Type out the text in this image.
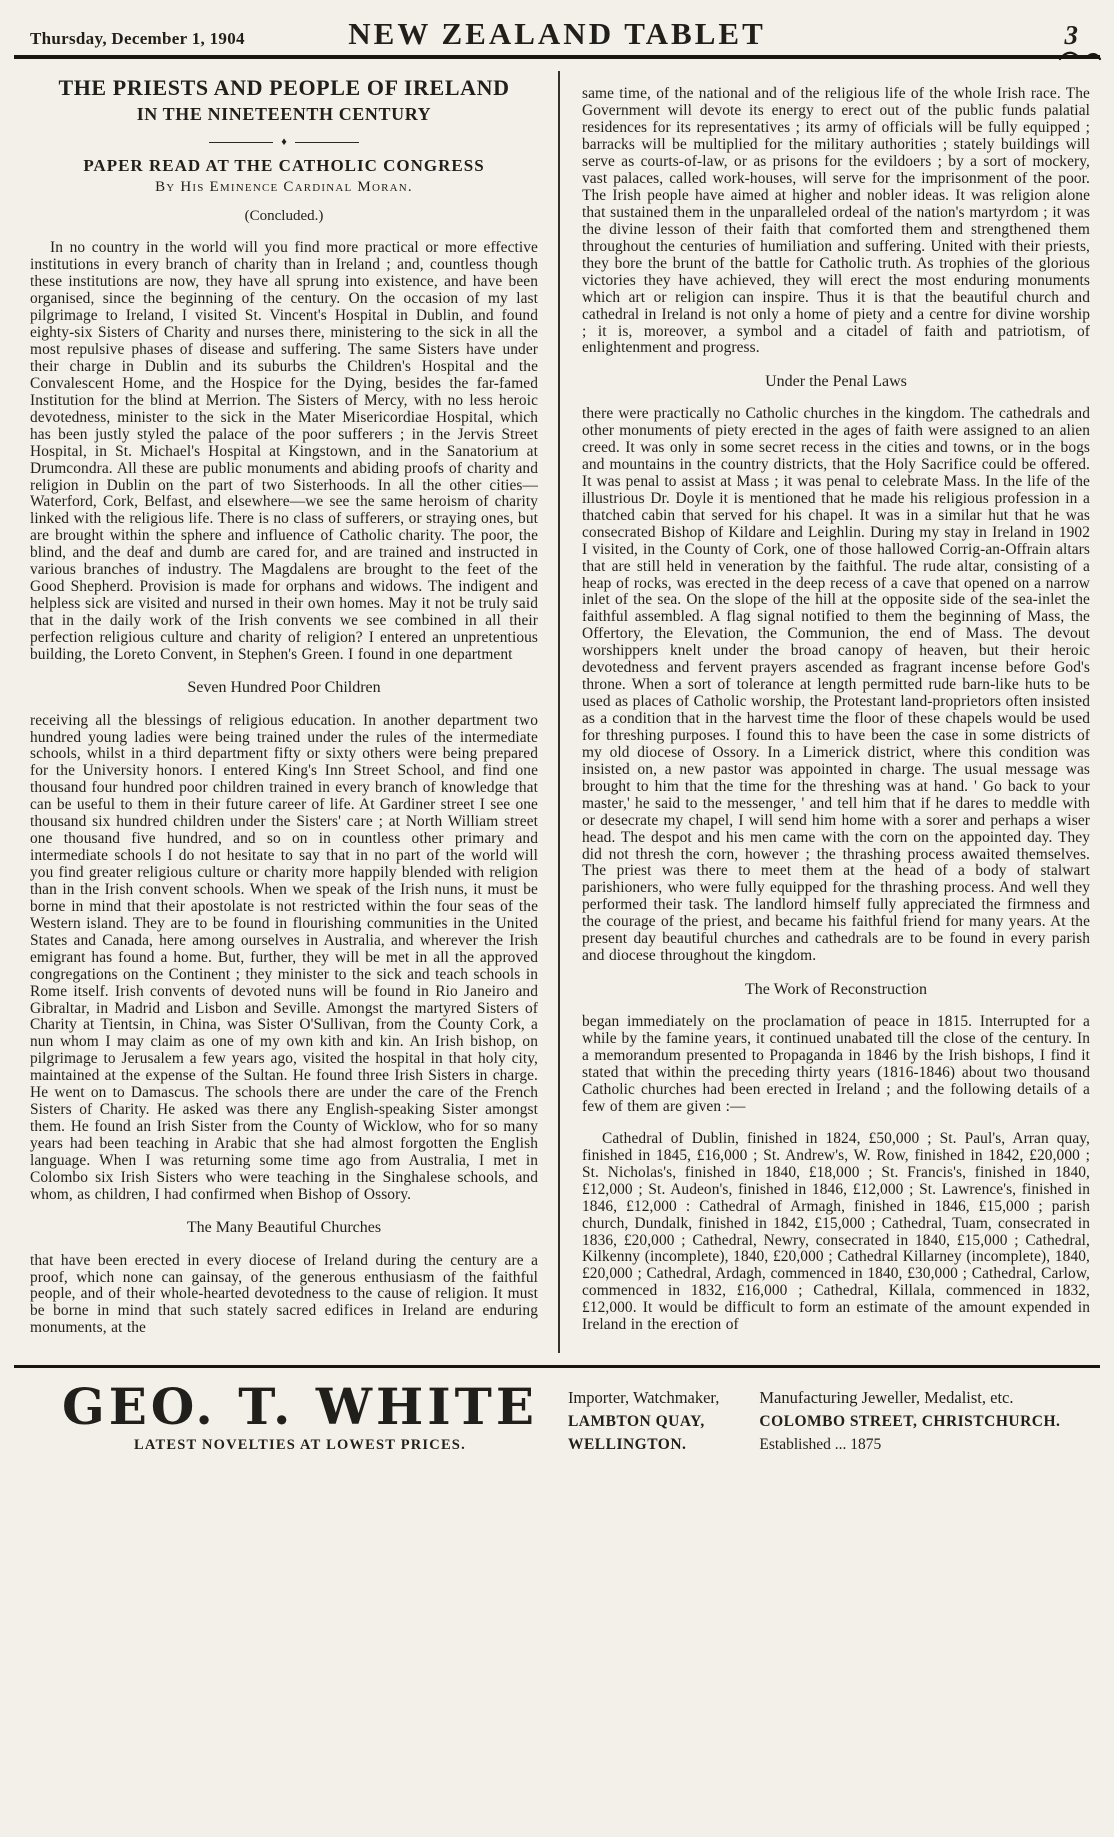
Thursday, December 1, 1904	NEW ZEALAND TABLET	3
THE PRIESTS AND PEOPLE OF IRELAND
IN THE NINETEENTH CENTURY
♦
PAPER READ AT THE CATHOLIC CONGRESS
By His Eminence Cardinal Moran.
(Concluded.)

In no country in the world will you find more practical or more effective institutions in every branch of charity than in Ireland ; and, countless though these institutions are now, they have all sprung into existence, and have been organised, since the beginning of the century. On the occasion of my last pilgrimage to Ireland, I visited St. Vincent's Hospital in Dublin, and found eighty-six Sisters of Charity and nurses there, ministering to the sick in all the most repulsive phases of disease and suffering. The same Sisters have under their charge in Dublin and its suburbs the Children's Hospital and the Convalescent Home, and the Hospice for the Dying, besides the far-famed Institution for the blind at Merrion. The Sisters of Mercy, with no less heroic devotedness, minister to the sick in the Mater Misericordiae Hospital, which has been justly styled the palace of the poor sufferers ; in the Jervis Street Hospital, in St. Michael's Hospital at Kingstown, and in the Sanatorium at Drumcondra. All these are public monuments and abiding proofs of charity and religion in Dublin on the part of two Sisterhoods. In all the other cities—Waterford, Cork, Belfast, and elsewhere—we see the same heroism of charity linked with the religious life. There is no class of sufferers, or straying ones, but are brought within the sphere and influence of Catholic charity. The poor, the blind, and the deaf and dumb are cared for, and are trained and instructed in various branches of industry. The Magdalens are brought to the feet of the Good Shepherd. Provision is made for orphans and widows. The indigent and helpless sick are visited and nursed in their own homes. May it not be truly said that in the daily work of the Irish convents we see combined in all their perfection religious culture and charity of religion? I entered an unpretentious building, the Loreto Convent, in Stephen's Green. I found in one department

Seven Hundred Poor Children

receiving all the blessings of religious education. In another department two hundred young ladies were being trained under the rules of the intermediate schools, whilst in a third department fifty or sixty others were being prepared for the University honors. I entered King's Inn Street School, and find one thousand four hundred poor children trained in every branch of knowledge that can be useful to them in their future career of life. At Gardiner street I see one thousand six hundred children under the Sisters' care ; at North William street one thousand five hundred, and so on in countless other primary and intermediate schools I do not hesitate to say that in no part of the world will you find greater religious culture or charity more happily blended with religion than in the Irish convent schools. When we speak of the Irish nuns, it must be borne in mind that their apostolate is not restricted within the four seas of the Western island. They are to be found in flourishing communities in the United States and Canada, here among ourselves in Australia, and wherever the Irish emigrant has found a home. But, further, they will be met in all the approved congregations on the Continent ; they minister to the sick and teach schools in Rome itself. Irish convents of devoted nuns will be found in Rio Janeiro and Gibraltar, in Madrid and Lisbon and Seville. Amongst the martyred Sisters of Charity at Tientsin, in China, was Sister O'Sullivan, from the County Cork, a nun whom I may claim as one of my own kith and kin. An Irish bishop, on pilgrimage to Jerusalem a few years ago, visited the hospital in that holy city, maintained at the expense of the Sultan. He found three Irish Sisters in charge. He went on to Damascus. The schools there are under the care of the French Sisters of Charity. He asked was there any English-speaking Sister amongst them. He found an Irish Sister from the County of Wicklow, who for so many years had been teaching in Arabic that she had almost forgotten the English language. When I was returning some time ago from Australia, I met in Colombo six Irish Sisters who were teaching in the Singhalese schools, and whom, as children, I had confirmed when Bishop of Ossory.

The Many Beautiful Churches

that have been erected in every diocese of Ireland during the century are a proof, which none can gainsay, of the generous enthusiasm of the faithful people, and of their whole-hearted devotedness to the cause of religion. It must be borne in mind that such stately sacred edifices in Ireland are enduring monuments, at the

same time, of the national and of the religious life of the whole Irish race. The Government will devote its energy to erect out of the public funds palatial residences for its representatives ; its army of officials will be fully equipped ; barracks will be multiplied for the military authorities ; stately buildings will serve as courts-of-law, or as prisons for the evildoers ; by a sort of mockery, vast palaces, called work-houses, will serve for the imprisonment of the poor. The Irish people have aimed at higher and nobler ideas. It was religion alone that sustained them in the unparalleled ordeal of the nation's martyrdom ; it was the divine lesson of their faith that comforted them and strengthened them throughout the centuries of humiliation and suffering. United with their priests, they bore the brunt of the battle for Catholic truth. As trophies of the glorious victories they have achieved, they will erect the most enduring monuments which art or religion can inspire. Thus it is that the beautiful church and cathedral in Ireland is not only a home of piety and a centre for divine worship ; it is, moreover, a symbol and a citadel of faith and patriotism, of enlightenment and progress.

Under the Penal Laws

there were practically no Catholic churches in the kingdom. The cathedrals and other monuments of piety erected in the ages of faith were assigned to an alien creed. It was only in some secret recess in the cities and towns, or in the bogs and mountains in the country districts, that the Holy Sacrifice could be offered. It was penal to assist at Mass ; it was penal to celebrate Mass. In the life of the illustrious Dr. Doyle it is mentioned that he made his religious profession in a thatched cabin that served for his chapel. It was in a similar hut that he was consecrated Bishop of Kildare and Leighlin. During my stay in Ireland in 1902 I visited, in the County of Cork, one of those hallowed Corrig-an-Offrain altars that are still held in veneration by the faithful. The rude altar, consisting of a heap of rocks, was erected in the deep recess of a cave that opened on a narrow inlet of the sea. On the slope of the hill at the opposite side of the sea-inlet the faithful assembled. A flag signal notified to them the beginning of Mass, the Offertory, the Elevation, the Communion, the end of Mass. The devout worshippers knelt under the broad canopy of heaven, but their heroic devotedness and fervent prayers ascended as fragrant incense before God's throne. When a sort of tolerance at length permitted rude barn-like huts to be used as places of Catholic worship, the Protestant land-proprietors often insisted as a condition that in the harvest time the floor of these chapels would be used for threshing purposes. I found this to have been the case in some districts of my old diocese of Ossory. In a Limerick district, where this condition was insisted on, a new pastor was appointed in charge. The usual message was brought to him that the time for the threshing was at hand. ' Go back to your master,' he said to the messenger, ' and tell him that if he dares to meddle with or desecrate my chapel, I will send him home with a sorer and perhaps a wiser head. The despot and his men came with the corn on the appointed day. They did not thresh the corn, however ; the thrashing process awaited themselves. The priest was there to meet them at the head of a body of stalwart parishioners, who were fully equipped for the thrashing process. And well they performed their task. The landlord himself fully appreciated the firmness and the courage of the priest, and became his faithful friend for many years. At the present day beautiful churches and cathedrals are to be found in every parish and diocese throughout the kingdom.

The Work of Reconstruction

began immediately on the proclamation of peace in 1815. Interrupted for a while by the famine years, it continued unabated till the close of the century. In a memorandum presented to Propaganda in 1846 by the Irish bishops, I find it stated that within the preceding thirty years (1816-1846) about two thousand Catholic churches had been erected in Ireland ; and the following details of a few of them are given :—

Cathedral of Dublin, finished in 1824, £50,000 ; St. Paul's, Arran quay, finished in 1845, £16,000 ; St. Andrew's, W. Row, finished in 1842, £20,000 ; St. Nicholas's, finished in 1840, £18,000 ; St. Francis's, finished in 1840, £12,000 ; St. Audeon's, finished in 1846, £12,000 ; St. Lawrence's, finished in 1846, £12,000 : Cathedral of Armagh, finished in 1846, £15,000 ; parish church, Dundalk, finished in 1842, £15,000 ; Cathedral, Tuam, consecrated in 1836, £20,000 ; Cathedral, Newry, consecrated in 1840, £15,000 ; Cathedral, Kilkenny (incomplete), 1840, £20,000 ; Cathedral Killarney (incomplete), 1840, £20,000 ; Cathedral, Ardagh, commenced in 1840, £30,000 ; Cathedral, Carlow, commenced in 1832, £16,000 ; Cathedral, Killala, commenced in 1832, £12,000. It would be difficult to form an estimate of the amount expended in Ireland in the erection of

GEO. T. WHITE
LATEST NOVELTIES AT LOWEST PRICES.
Importer, Watchmaker, Manufacturing Jeweller, Medalist, etc.
LAMBTON QUAY,	COLOMBO STREET, CHRISTCHURCH.
WELLINGTON.	Established ... 1875
